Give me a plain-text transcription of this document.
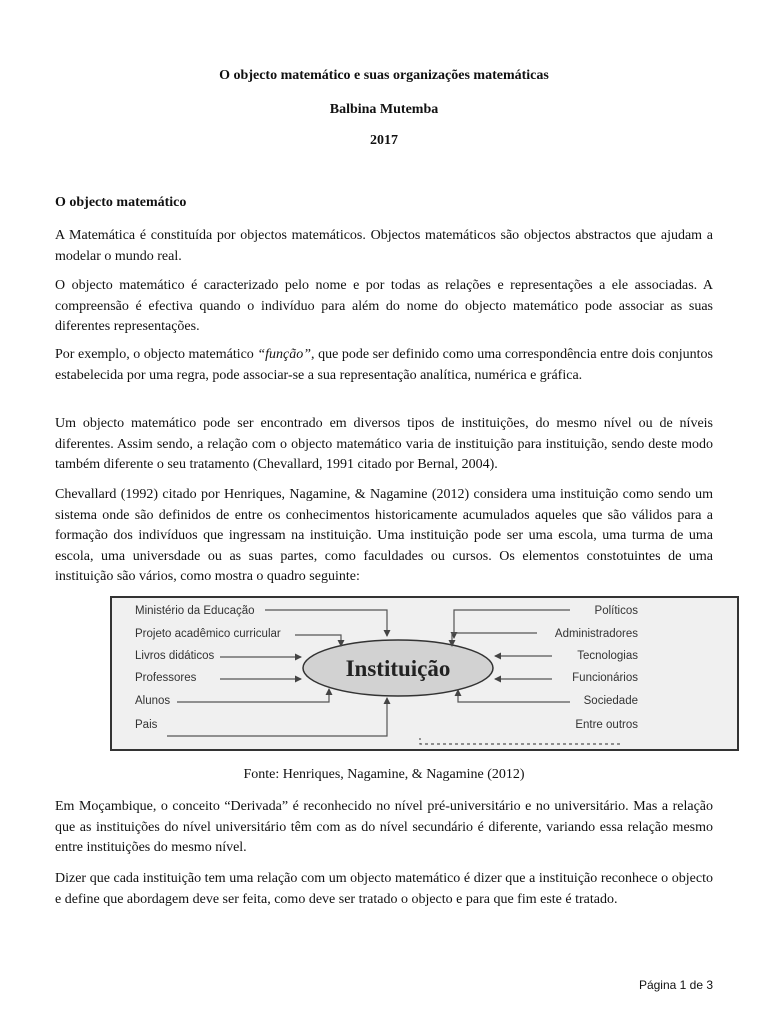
O objecto matemático e suas organizações matemáticas
Balbina Mutemba
2017
O objecto matemático

A Matemática é constituída por objectos matemáticos. Objectos matemáticos são objectos abstractos que ajudam a modelar o mundo real.

O objecto matemático é caracterizado pelo nome e por todas as relações e representações a ele associadas. A compreensão é efectiva quando o indivíduo para além do nome do objecto matemático pode associar as suas diferentes representações.

Por exemplo, o objecto matemático “função”, que pode ser definido como uma correspondência entre dois conjuntos estabelecida por uma regra, pode associar-se a sua representação analítica, numérica e gráfica.

Um objecto matemático pode ser encontrado em diversos tipos de instituições, do mesmo nível ou de níveis diferentes. Assim sendo, a relação com o objecto matemático varia de instituição para instituição, sendo deste modo também diferente o seu tratamento (Chevallard, 1991 citado por Bernal, 2004).

Chevallard (1992) citado por Henriques, Nagamine, & Nagamine (2012) considera uma instituição como sendo um sistema onde são definidos de entre os conhecimentos historicamente acumulados aqueles que são válidos para a formação dos indivíduos que ingressam na instituição. Uma instituição pode ser uma escola, uma turma de uma escola, uma universdade ou as suas partes, como faculdades ou cursos. Os elementos constotuintes de uma instituição são vários, como mostra o quadro seguinte:

Ministério da Educação
Projeto acadêmico curricular
Livros didáticos
Professores
Alunos
Pais
Políticos
Administradores
Tecnologias
Funcionários
Sociedade
Entre outros
Instituição
Fonte: Henriques, Nagamine, & Nagamine (2012)

Em Moçambique, o conceito “Derivada” é reconhecido no nível pré-universitário e no universitário. Mas a relação que as instituições do nível universitário têm com as do nível secundário é diferente, variando essa relação mesmo entre instituições do mesmo nível.

Dizer que cada instituição tem uma relação com um objecto matemático é dizer que a instituição reconhece o objecto e define que abordagem deve ser feita, como deve ser tratado o objecto e para que fim este é tratado.

Página 1 de 3
